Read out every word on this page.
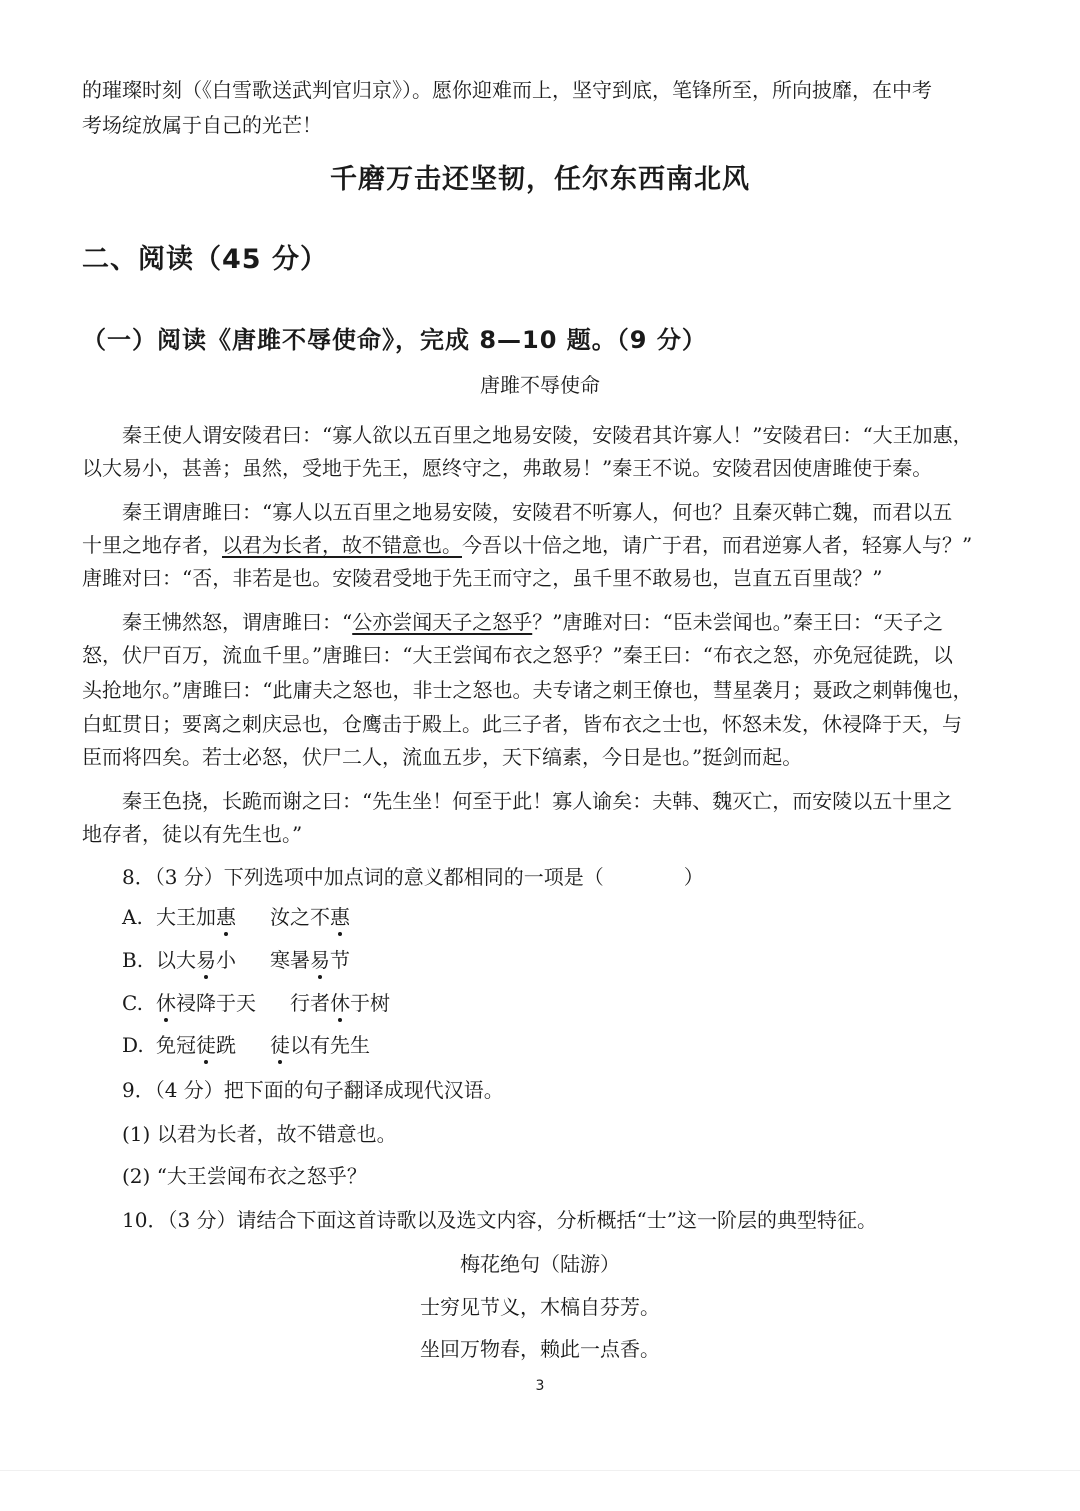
的璀璨时刻（《白雪歌送武判官归京》）。愿你迎难而上，坚守到底，笔锋所至，所向披靡，在中考
考场绽放属于自己的光芒！
千磨万击还坚韧，任尔东西南北风
二、阅读（45 分）
（一）阅读《唐雎不辱使命》，完成 8—10 题。（9 分）
唐雎不辱使命
秦王使人谓安陵君曰：“寡人欲以五百里之地易安陵，安陵君其许寡人！”安陵君曰：“大王加惠，
以大易小，甚善；虽然，受地于先王，愿终守之，弗敢易！”秦王不说。安陵君因使唐雎使于秦。
秦王谓唐雎曰：“寡人以五百里之地易安陵，安陵君不听寡人，何也？且秦灭韩亡魏，而君以五
十里之地存者，以君为长者，故不错意也。今吾以十倍之地，请广于君，而君逆寡人者，轻寡人与？”
唐雎对曰：“否，非若是也。安陵君受地于先王而守之，虽千里不敢易也，岂直五百里哉？”
秦王怫然怒，谓唐雎曰：“公亦尝闻天子之怒乎？”唐雎对曰：“臣未尝闻也。”秦王曰：“天子之
怒，伏尸百万，流血千里。”唐雎曰：“大王尝闻布衣之怒乎？”秦王曰：“布衣之怒，亦免冠徒跣，以
头抢地尔。”唐雎曰：“此庸夫之怒也，非士之怒也。夫专诸之刺王僚也，彗星袭月；聂政之刺韩傀也，
白虹贯日；要离之刺庆忌也，仓鹰击于殿上。此三子者，皆布衣之士也，怀怒未发，休祲降于天，与
臣而将四矣。若士必怒，伏尸二人，流血五步，天下缟素，今日是也。”挺剑而起。
秦王色挠，长跪而谢之曰：“先生坐！何至于此！寡人谕矣：夫韩、魏灭亡，而安陵以五十里之
地存者，徒以有先生也。”
8．（3 分）下列选项中加点词的意义都相同的一项是（　　　　）
A. 大王加惠 汝之不惠
B. 以大易小 寒暑易节
C. 休祲降于天 行者休于树
D. 免冠徒跣 徒以有先生
9．（4 分）把下面的句子翻译成现代汉语。
(1) 以君为长者，故不错意也。
(2) “大王尝闻布衣之怒乎？
10．（3 分）请结合下面这首诗歌以及选文内容，分析概括“士”这一阶层的典型特征。
梅花绝句（陆游）
士穷见节义，木槁自芬芳。
坐回万物春，赖此一点香。
3
